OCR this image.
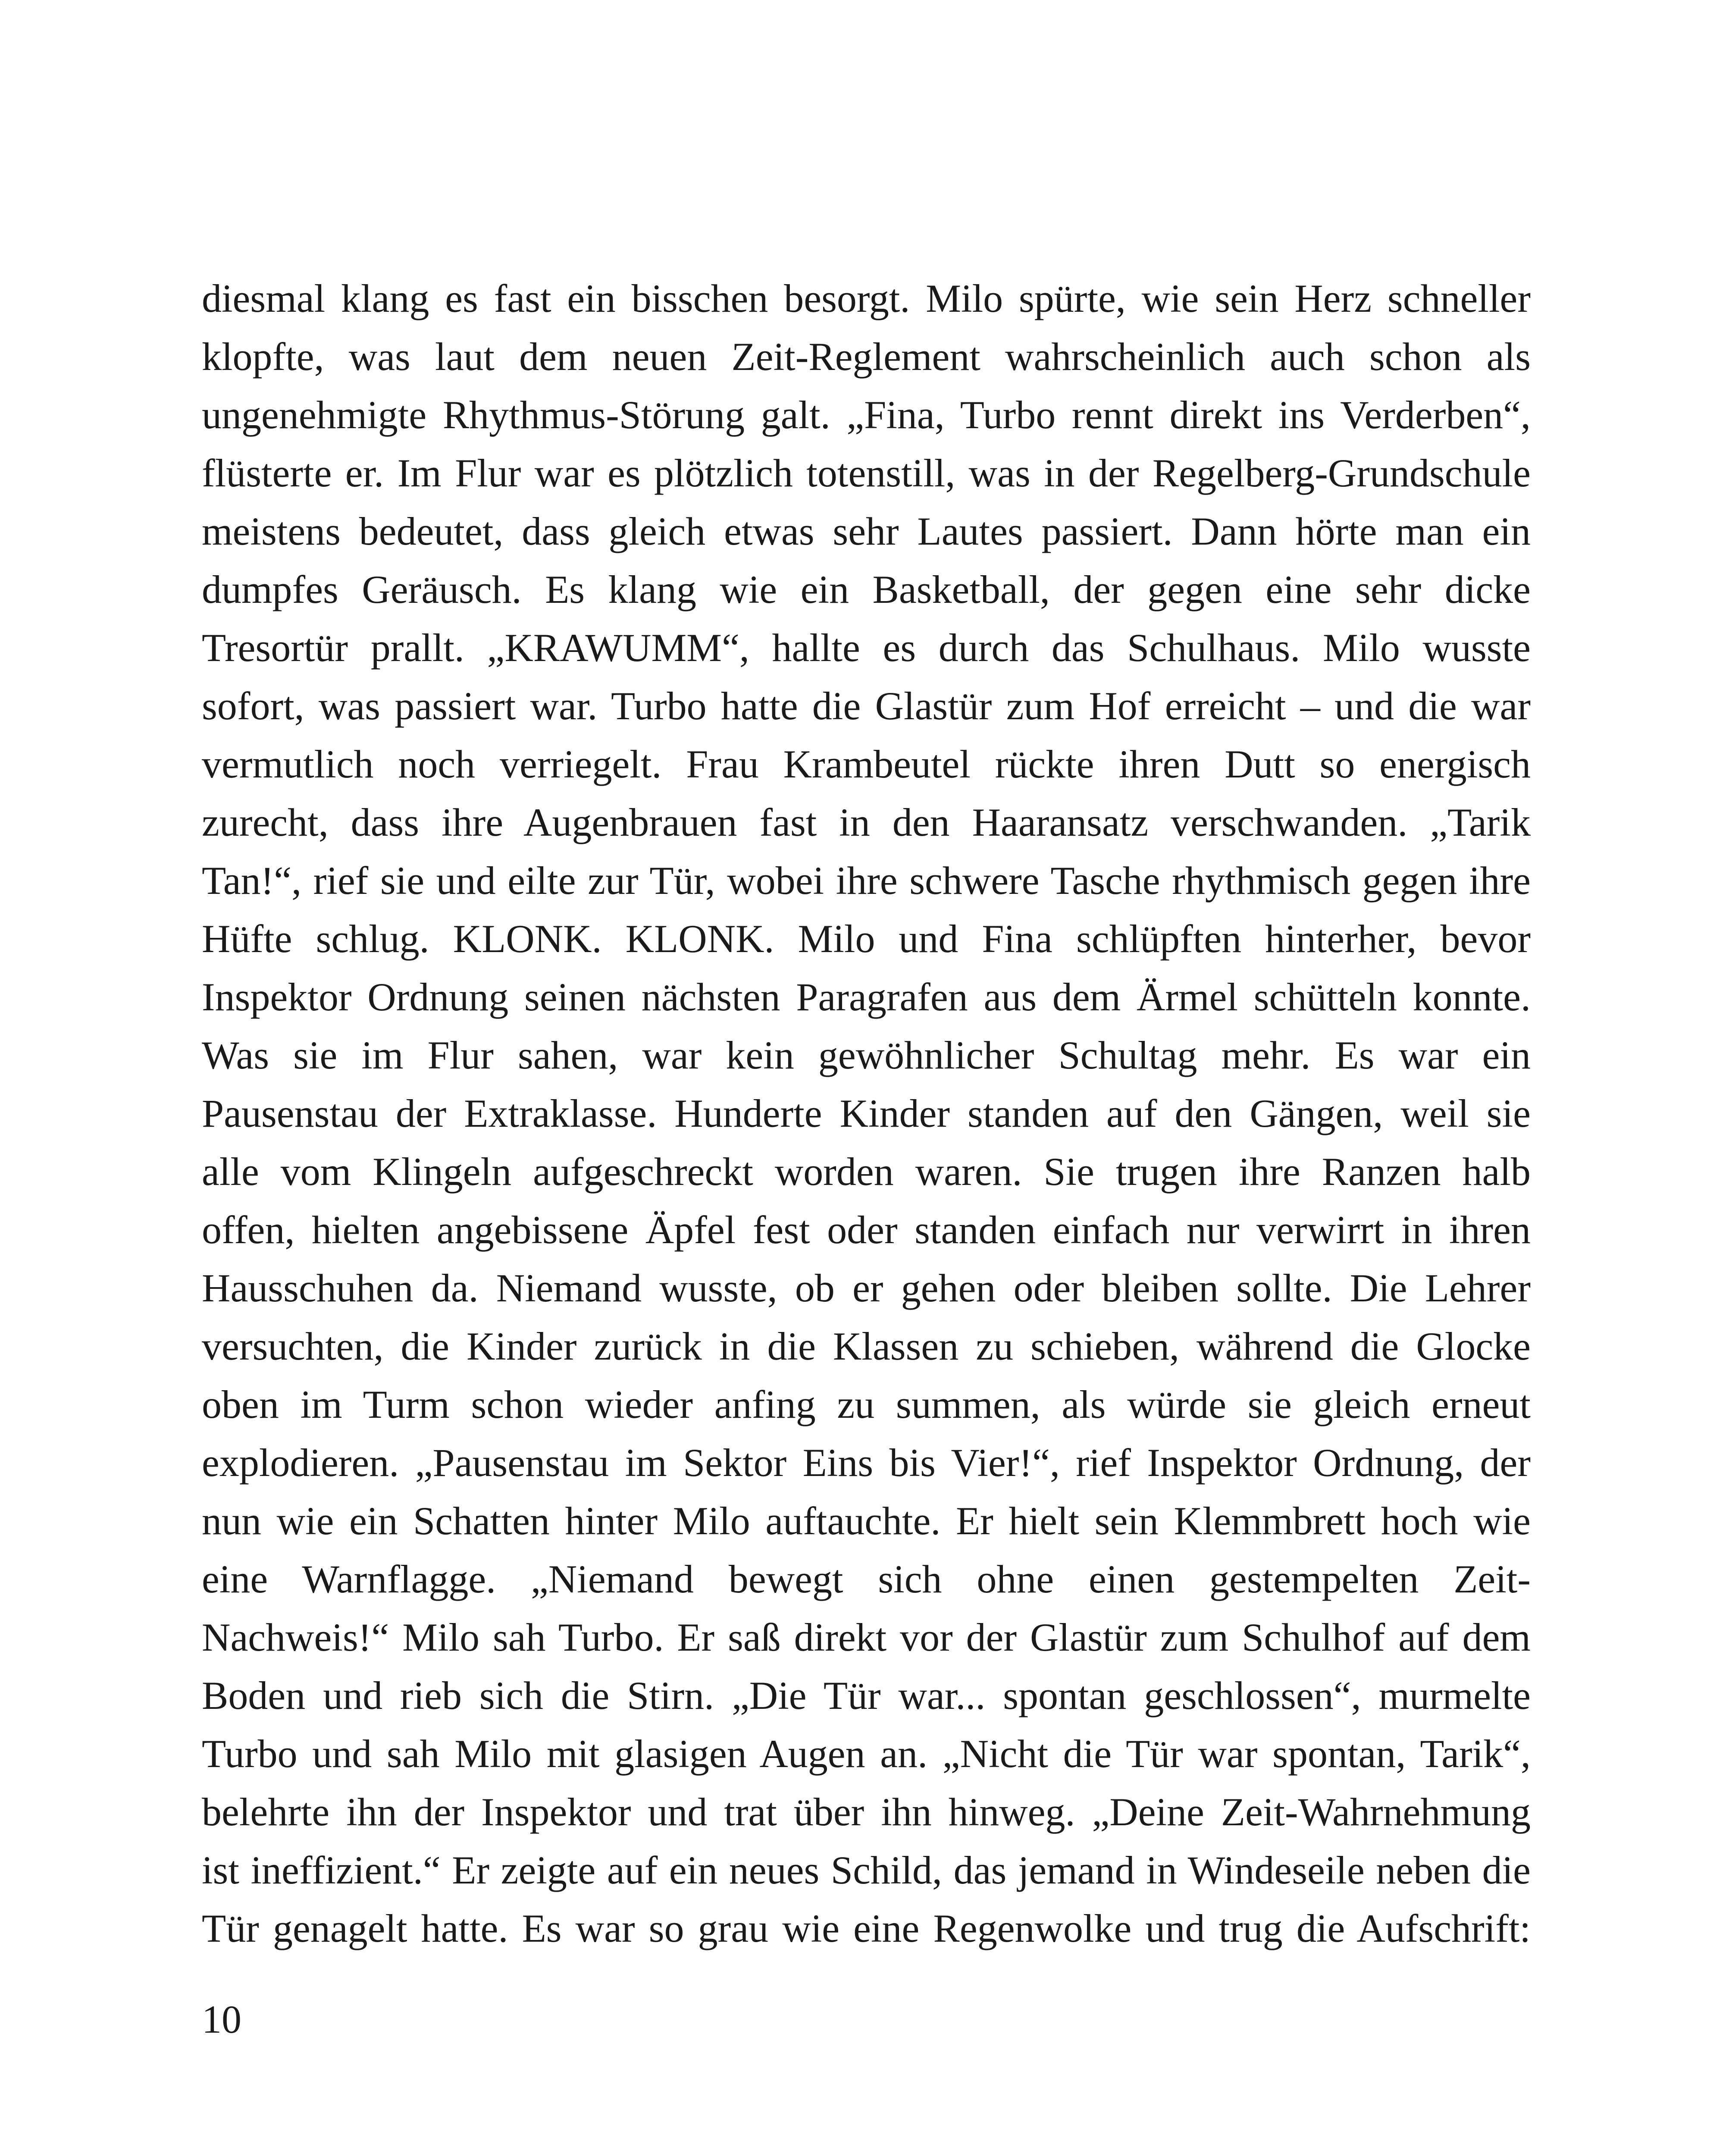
diesmal klang es fast ein bisschen besorgt. Milo spürte, wie sein Herz schneller
klopfte, was laut dem neuen Zeit-Reglement wahrscheinlich auch schon als
ungenehmigte Rhythmus-Störung galt. „Fina, Turbo rennt direkt ins Verderben“,
flüsterte er. Im Flur war es plötzlich totenstill, was in der Regelberg-Grundschule
meistens bedeutet, dass gleich etwas sehr Lautes passiert. Dann hörte man ein
dumpfes Geräusch. Es klang wie ein Basketball, der gegen eine sehr dicke
Tresortür prallt. „KRAWUMM“, hallte es durch das Schulhaus. Milo wusste
sofort, was passiert war. Turbo hatte die Glastür zum Hof erreicht – und die war
vermutlich noch verriegelt. Frau Krambeutel rückte ihren Dutt so energisch
zurecht, dass ihre Augenbrauen fast in den Haaransatz verschwanden. „Tarik
Tan!“, rief sie und eilte zur Tür, wobei ihre schwere Tasche rhythmisch gegen ihre
Hüfte schlug. KLONK. KLONK. Milo und Fina schlüpften hinterher, bevor
Inspektor Ordnung seinen nächsten Paragrafen aus dem Ärmel schütteln konnte.
Was sie im Flur sahen, war kein gewöhnlicher Schultag mehr. Es war ein
Pausenstau der Extraklasse. Hunderte Kinder standen auf den Gängen, weil sie
alle vom Klingeln aufgeschreckt worden waren. Sie trugen ihre Ranzen halb
offen, hielten angebissene Äpfel fest oder standen einfach nur verwirrt in ihren
Hausschuhen da. Niemand wusste, ob er gehen oder bleiben sollte. Die Lehrer
versuchten, die Kinder zurück in die Klassen zu schieben, während die Glocke
oben im Turm schon wieder anfing zu summen, als würde sie gleich erneut
explodieren. „Pausenstau im Sektor Eins bis Vier!“, rief Inspektor Ordnung, der
nun wie ein Schatten hinter Milo auftauchte. Er hielt sein Klemmbrett hoch wie
eine Warnflagge. „Niemand bewegt sich ohne einen gestempelten Zeit-
Nachweis!“ Milo sah Turbo. Er saß direkt vor der Glastür zum Schulhof auf dem
Boden und rieb sich die Stirn. „Die Tür war... spontan geschlossen“, murmelte
Turbo und sah Milo mit glasigen Augen an. „Nicht die Tür war spontan, Tarik“,
belehrte ihn der Inspektor und trat über ihn hinweg. „Deine Zeit-Wahrnehmung
ist ineffizient.“ Er zeigte auf ein neues Schild, das jemand in Windeseile neben die
Tür genagelt hatte. Es war so grau wie eine Regenwolke und trug die Aufschrift:
10
